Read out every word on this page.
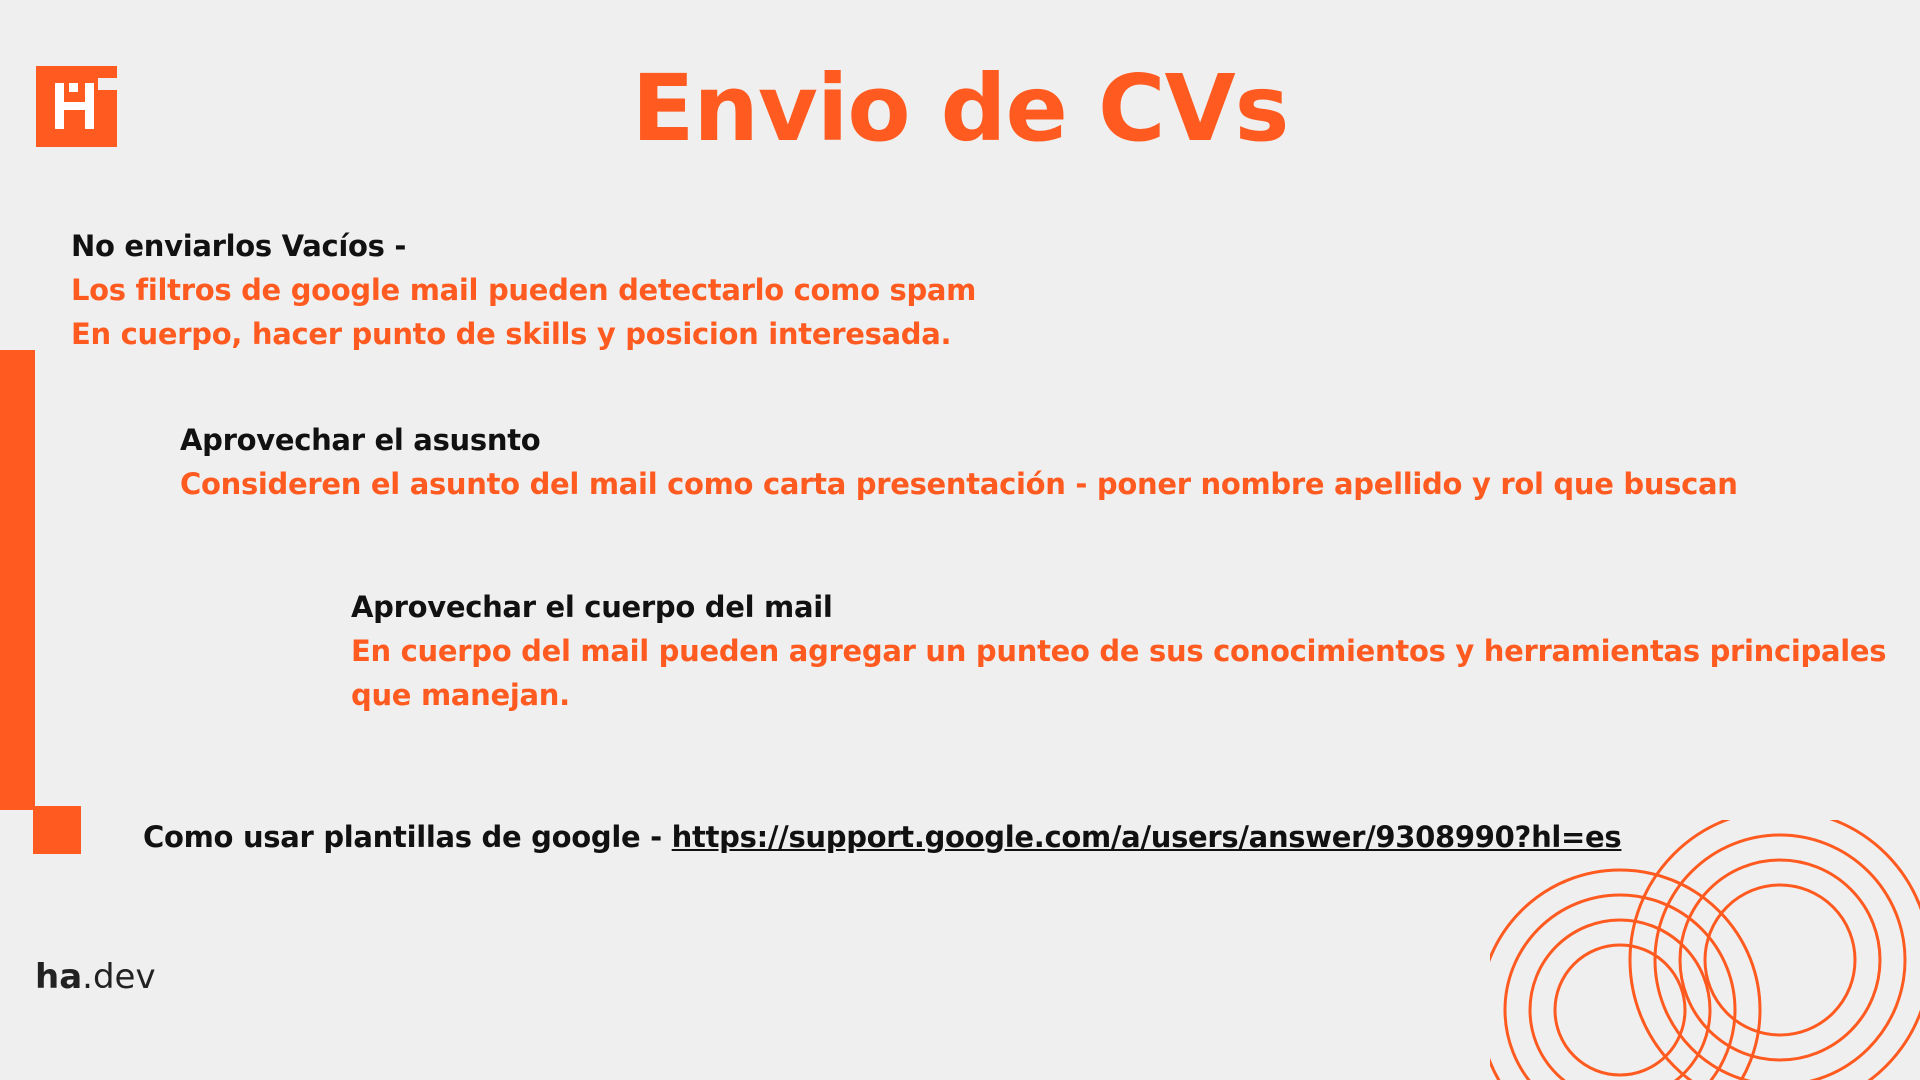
Envio de CVs
No enviarlos Vacíos -
Los filtros de google mail pueden detectarlo como spam
En cuerpo, hacer punto de skills y posicion interesada.
Aprovechar el asusnto
Consideren el asunto del mail como carta presentación - poner nombre apellido y rol que buscan
Aprovechar el cuerpo del mail
En cuerpo del mail pueden agregar un punteo de sus conocimientos y herramientas principales
que manejan.
Como usar plantillas de google - https://support.google.com/a/users/answer/9308990?hl=es
ha.dev
